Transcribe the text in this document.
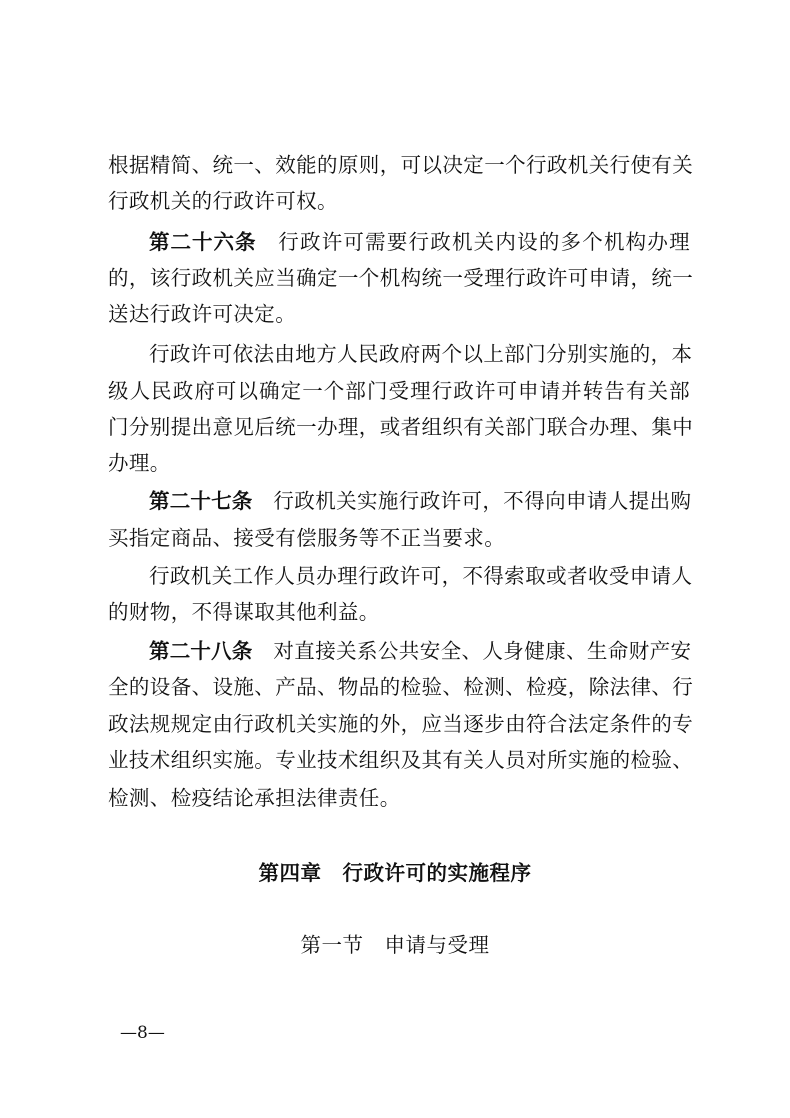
根据精简、统一、效能的原则，可以决定一个行政机关行使有关
行政机关的行政许可权。
第二十六条　 行政许可需要行政机关内设的多个机构办理
的，该行政机关应当确定一个机构统一受理行政许可申请，统一
送达行政许可决定。
行政许可依法由地方人民政府两个以上部门分别实施的，本
级人民政府可以确定一个部门受理行政许可申请并转告有关部
门分别提出意见后统一办理，或者组织有关部门联合办理、集中
办理。
第二十七条　 行政机关实施行政许可，不得向申请人提出购
买指定商品、接受有偿服务等不正当要求。
行政机关工作人员办理行政许可，不得索取或者收受申请人
的财物，不得谋取其他利益。
第二十八条　 对直接关系公共安全、人身健康、生命财产安
全的设备、设施、产品、物品的检验、检测、检疫，除法律、行
政法规规定由行政机关实施的外，应当逐步由符合法定条件的专
业技术组织实施。专业技术组织及其有关人员对所实施的检验、
检测、检疫结论承担法律责任。
第四章　行政许可的实施程序
第一节　申请与受理
—8—
